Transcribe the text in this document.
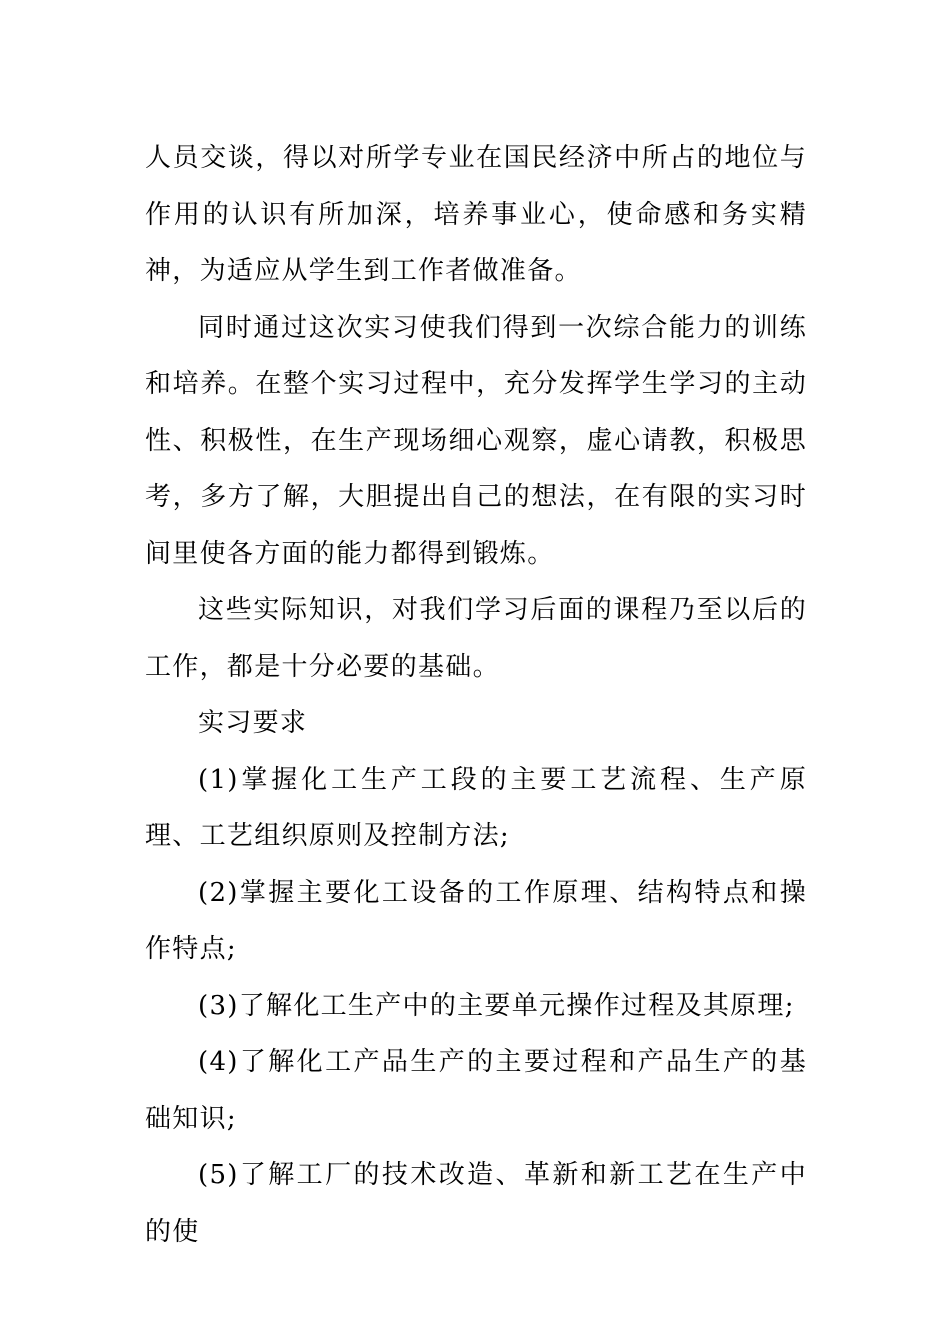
人员交谈，得以对所学专业在国民经济中所占的地位与作用的认识有所加深，培养事业心，使命感和务实精神，为适应从学生到工作者做准备。

同时通过这次实习使我们得到一次综合能力的训练和培养。在整个实习过程中，充分发挥学生学习的主动性、积极性，在生产现场细心观察，虚心请教，积极思考，多方了解，大胆提出自己的想法，在有限的实习时间里使各方面的能力都得到锻炼。

这些实际知识，对我们学习后面的课程乃至以后的工作，都是十分必要的基础。

实习要求

(1)掌握化工生产工段的主要工艺流程、生产原理、工艺组织原则及控制方法;

(2)掌握主要化工设备的工作原理、结构特点和操作特点;

(3)了解化工生产中的主要单元操作过程及其原理;

(4)了解化工产品生产的主要过程和产品生产的基础知识;

(5)了解工厂的技术改造、革新和新工艺在生产中的使
